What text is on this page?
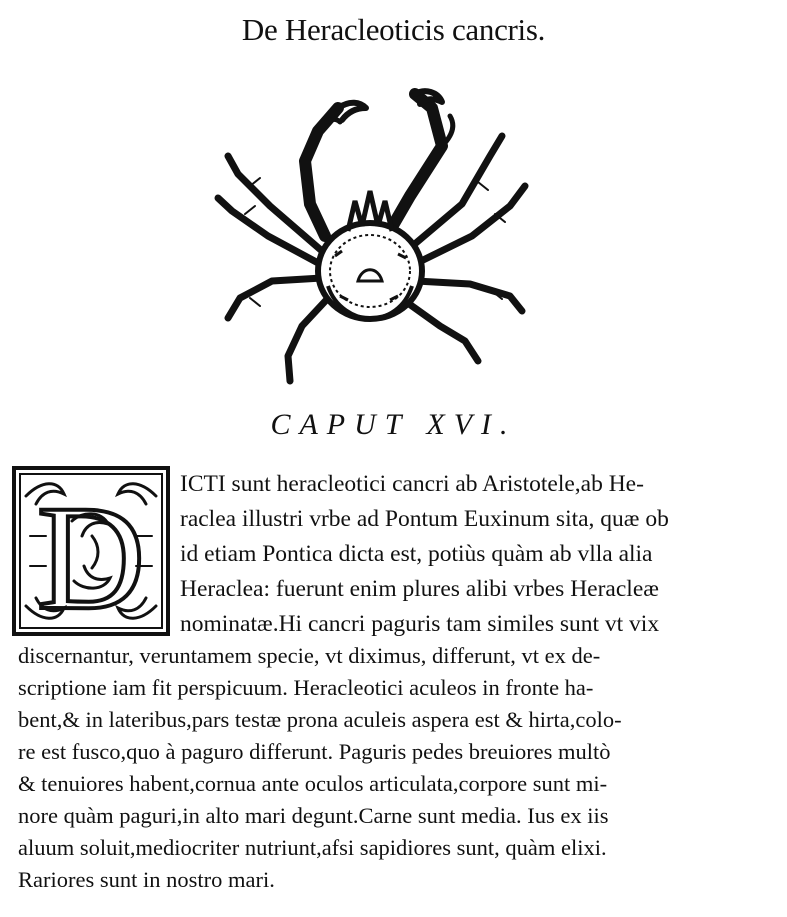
De Heracleoticis cancris.
CAPUT XVI.
D ICTI sunt heracleotici cancri ab Aristotele,ab He-
raclea illustri vrbe ad Pontum Euxinum sita, quæ ob
id etiam Pontica dicta est, potiùs quàm ab vlla alia
Heraclea: fuerunt enim plures alibi vrbes Heracleæ
nominatæ.Hi cancri paguris tam similes sunt vt vix
discernantur, veruntamem specie, vt diximus, differunt, vt ex de-
scriptione iam fit perspicuum. Heracleotici aculeos in fronte ha-
bent,& in lateribus,pars testæ prona aculeis aspera est & hirta,colo-
re est fusco,quo à paguro differunt. Paguris pedes breuiores multò
& tenuiores habent,cornua ante oculos articulata,corpore sunt mi-
nore quàm paguri,in alto mari degunt.Carne sunt media. Ius ex iis
aluum soluit,mediocriter nutriunt,afsi sapidiores sunt, quàm elixi.
Rariores sunt in nostro mari.
